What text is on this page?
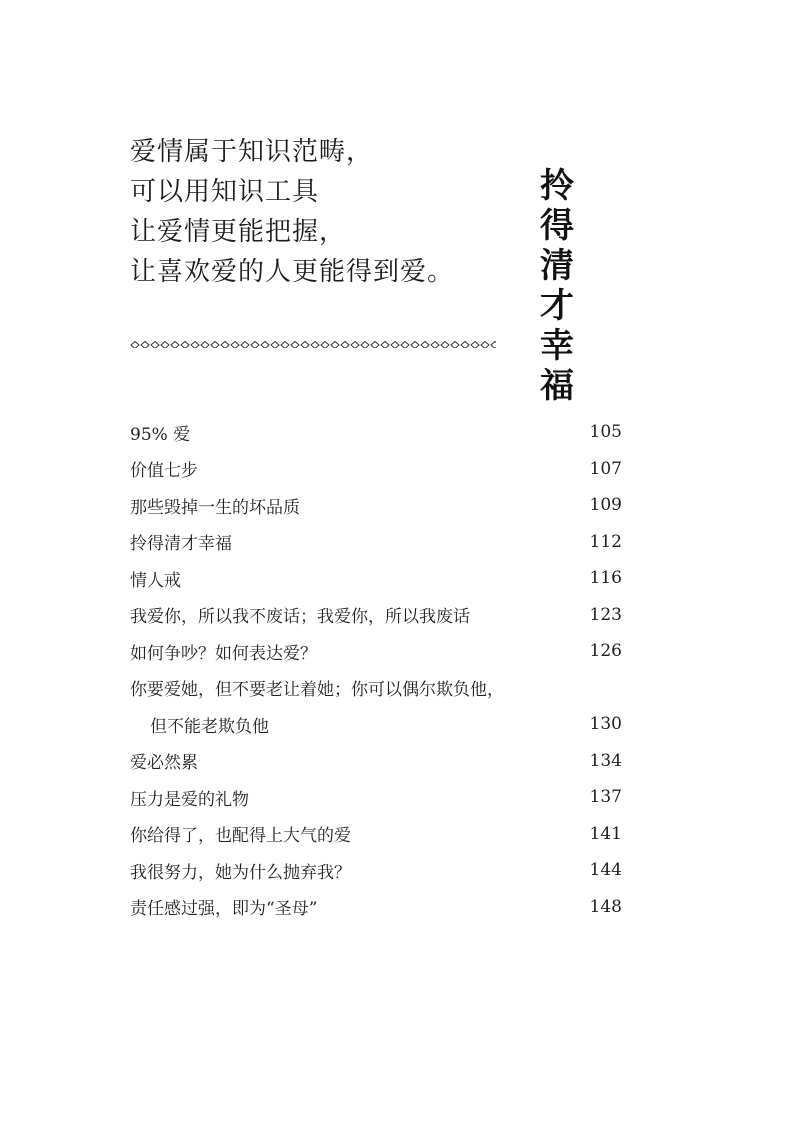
爱情属于知识范畴，
可以用知识工具
让爱情更能把握，
让喜欢爱的人更能得到爱。
拎
得
清
才
幸
福
95% 爱	105
价值七步	107
那些毁掉一生的坏品质	109
拎得清才幸福	112
情人戒	116
我爱你，所以我不废话；我爱你，所以我废话	123
如何争吵？如何表达爱？	126
你要爱她，但不要老让着她；你可以偶尔欺负他，
但不能老欺负他	130
爱必然累	134
压力是爱的礼物	137
你给得了，也配得上大气的爱	141
我很努力，她为什么抛弃我？	144
责任感过强，即为“圣母”	148
